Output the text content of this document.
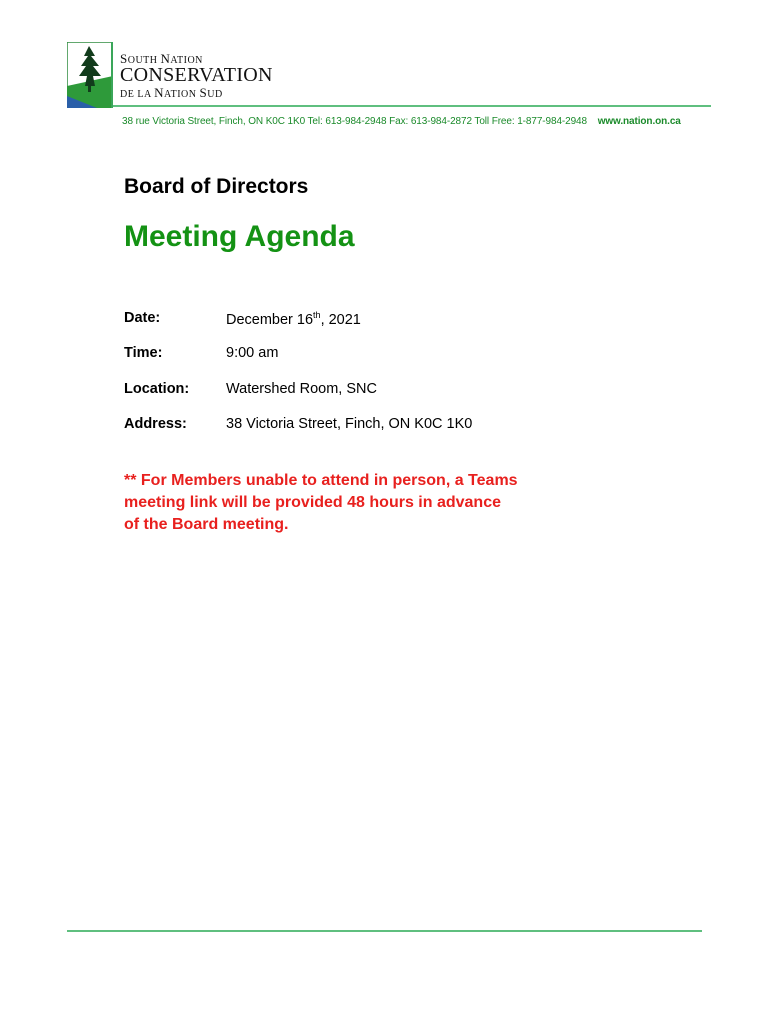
SOUTH NATION
CONSERVATION
DE LA NATION SUD
38 rue Victoria Street, Finch, ON K0C 1K0 Tel: 613-984-2948 Fax: 613-984-2872 Toll Free: 1-877-984-2948 www.nation.on.ca
Board of Directors
Meeting Agenda
Date:	December 16th, 2021
Time:	9:00 am
Location:	Watershed Room, SNC
Address:	38 Victoria Street, Finch, ON K0C 1K0
** For Members unable to attend in person, a Teams
meeting link will be provided 48 hours in advance
of the Board meeting.
